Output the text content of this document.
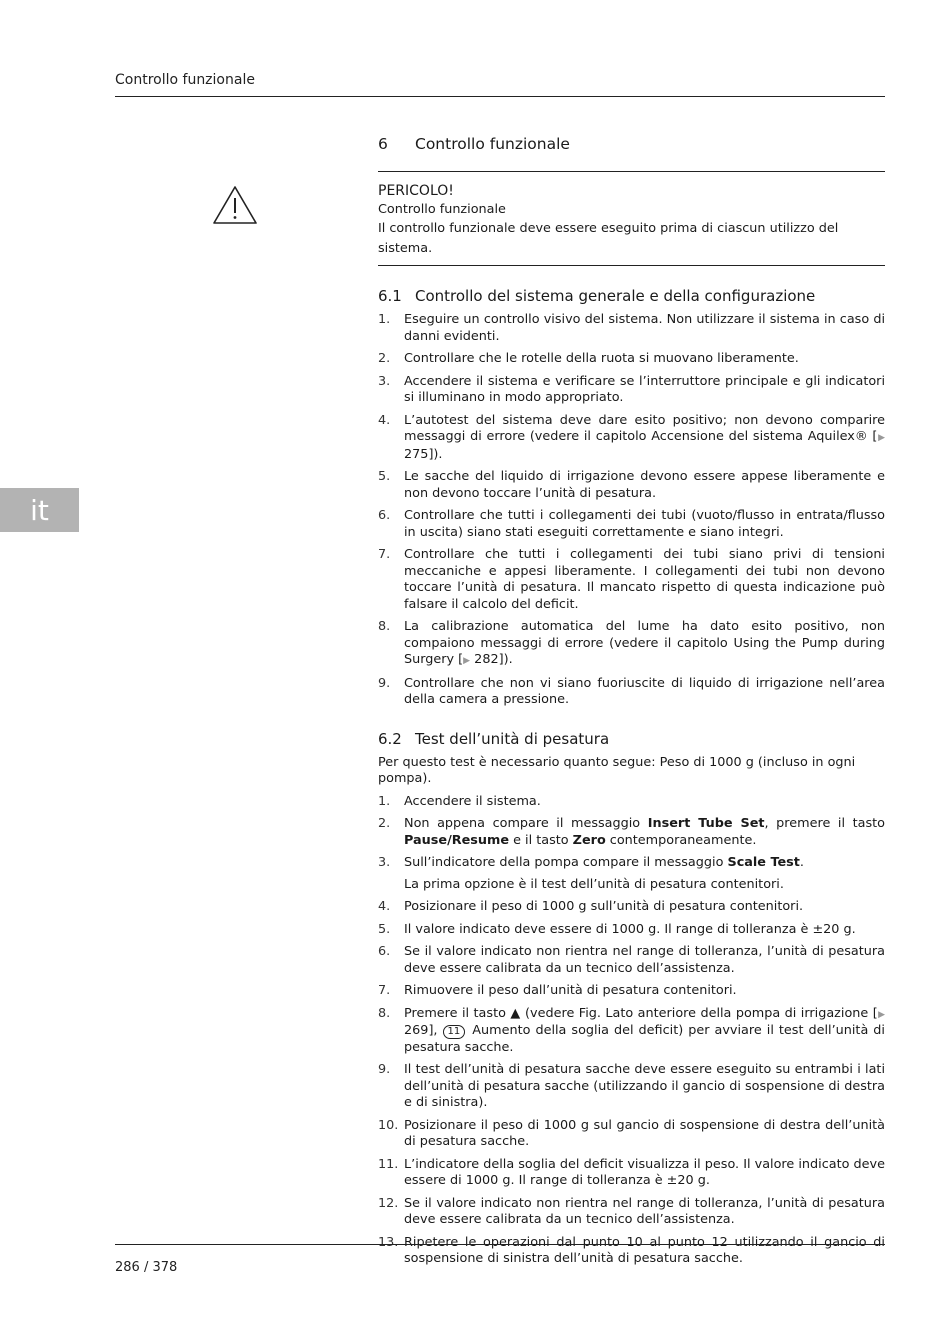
Controllo funzionale
it
6	Controllo funzionale
PERICOLO!
Controllo funzionale
Il controllo funzionale deve essere eseguito prima di ciascun utilizzo del sistema.
6.1 Controllo del sistema generale e della configurazione
1.	Eseguire un controllo visivo del sistema. Non utilizzare il sistema in caso di danni evidenti.
2.	Controllare che le rotelle della ruota si muovano liberamente.
3.	Accendere il sistema e verificare se l’interruttore principale e gli indicatori si illuminano in modo appropriato.
4.	L’autotest del sistema deve dare esito positivo; non devono comparire messaggi di errore (vedere il capitolo Accensione del sistema Aquilex® [▶ 275]).
5.	Le sacche del liquido di irrigazione devono essere appese liberamente e non devono toccare l’unità di pesatura.
6.	Controllare che tutti i collegamenti dei tubi (vuoto/flusso in entrata/flusso in uscita) siano stati eseguiti correttamente e siano integri.
7.	Controllare che tutti i collegamenti dei tubi siano privi di tensioni meccaniche e appesi liberamente. I collegamenti dei tubi non devono toccare l’unità di pesatura. Il mancato rispetto di questa indicazione può falsare il calcolo del deficit.
8.	La calibrazione automatica del lume ha dato esito positivo, non compaiono messaggi di errore (vedere il capitolo Using the Pump during Surgery [▶ 282]).
9.	Controllare che non vi siano fuoriuscite di liquido di irrigazione nell’area della camera a pressione.
6.2 Test dell’unità di pesatura
Per questo test è necessario quanto segue: Peso di 1000 g (incluso in ogni pompa).
1.	Accendere il sistema.
2.	Non appena compare il messaggio Insert Tube Set, premere il tasto Pause/Resume e il tasto Zero contemporaneamente.
3.	Sull’indicatore della pompa compare il messaggio Scale Test.
La prima opzione è il test dell’unità di pesatura contenitori.
4.	Posizionare il peso di 1000 g sull’unità di pesatura contenitori.
5.	Il valore indicato deve essere di 1000 g. Il range di tolleranza è ±20 g.
6.	Se il valore indicato non rientra nel range di tolleranza, l’unità di pesatura deve essere calibrata da un tecnico dell’assistenza.
7.	Rimuovere il peso dall’unità di pesatura contenitori.
8.	Premere il tasto ▲ (vedere Fig. Lato anteriore della pompa di irrigazione [▶ 269], 11 Aumento della soglia del deficit) per avviare il test dell’unità di pesatura sacche.
9.	Il test dell’unità di pesatura sacche deve essere eseguito su entrambi i lati dell’unità di pesatura sacche (utilizzando il gancio di sospensione di destra e di sinistra).
10. Posizionare il peso di 1000 g sul gancio di sospensione di destra dell’unità di pesatura sacche.
11. L’indicatore della soglia del deficit visualizza il peso. Il valore indicato deve essere di 1000 g. Il range di tolleranza è ±20 g.
12. Se il valore indicato non rientra nel range di tolleranza, l’unità di pesatura deve essere calibrata da un tecnico dell’assistenza.
13. Ripetere le operazioni dal punto 10 al punto 12 utilizzando il gancio di sospensione di sinistra dell’unità di pesatura sacche.
286 / 378
